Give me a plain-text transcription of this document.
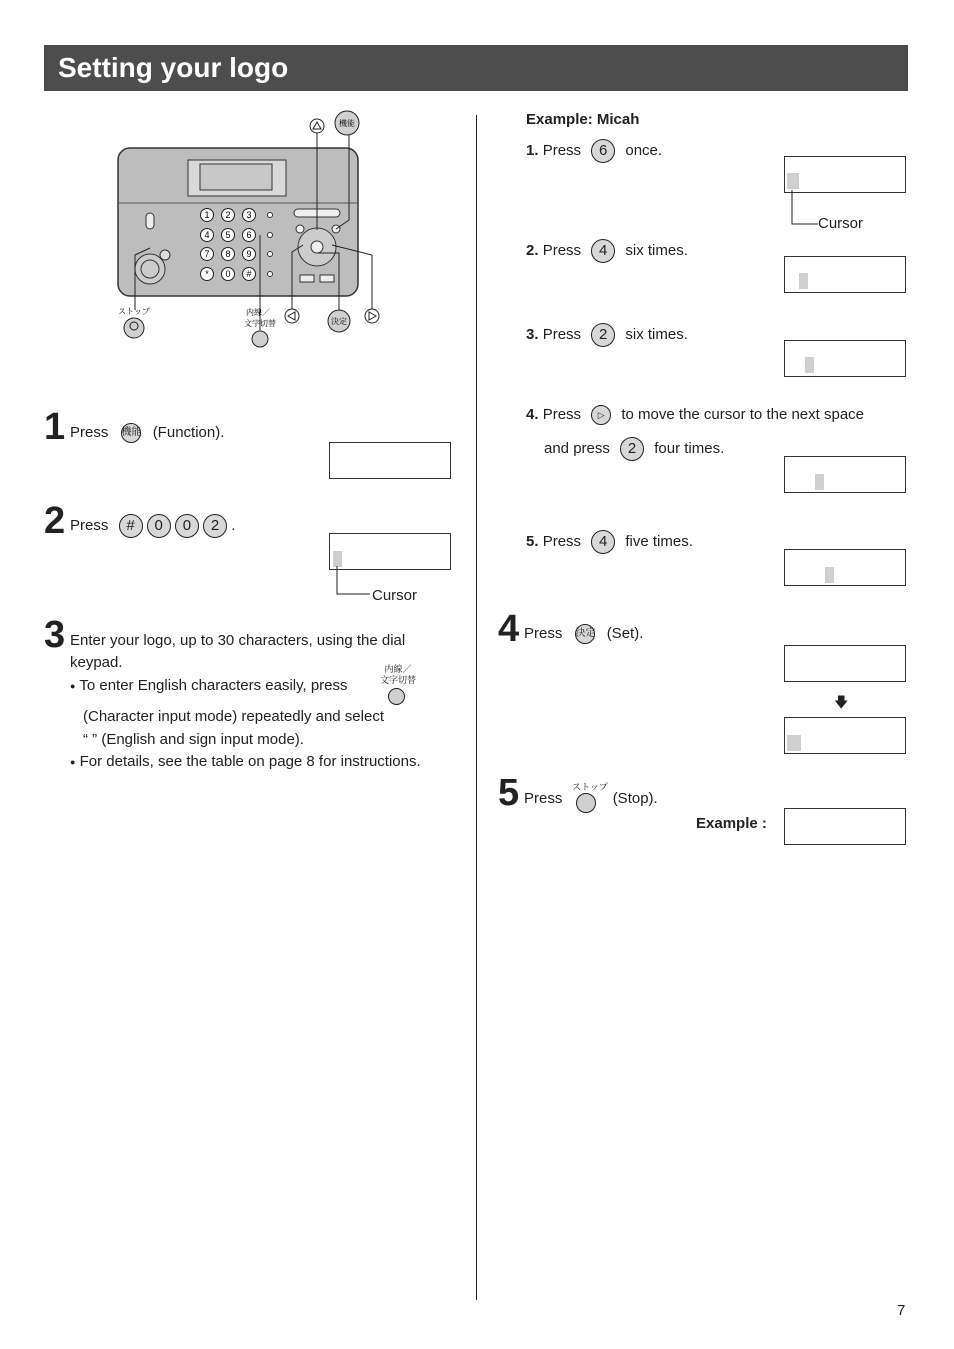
Setting your logo
1 2 3
4 5 6
7 8 9
* 0 #
機能
決定
ストップ	内線／
文字切替
1 Press 機能 (Function).
2 Press # 0 0 2 .
Cursor
3 Enter your logo, up to 30 characters, using the dial
keypad.
● To enter English characters easily, press
内線／
文字切替
(Character input mode) repeatedly and select
“ ” (English and sign input mode).
● For details, see the table on page 8 for instructions.
Example: Micah
1. Press 6 once.
Cursor
2. Press 4 six times.
3. Press 2 six times.
4. Press ▷ to move the cursor to the next space
and press 2 four times.
5. Press 4 five times.
4 Press 決定 (Set).
🡇
5 Press	(Stop).
ストップ
Example :
7
